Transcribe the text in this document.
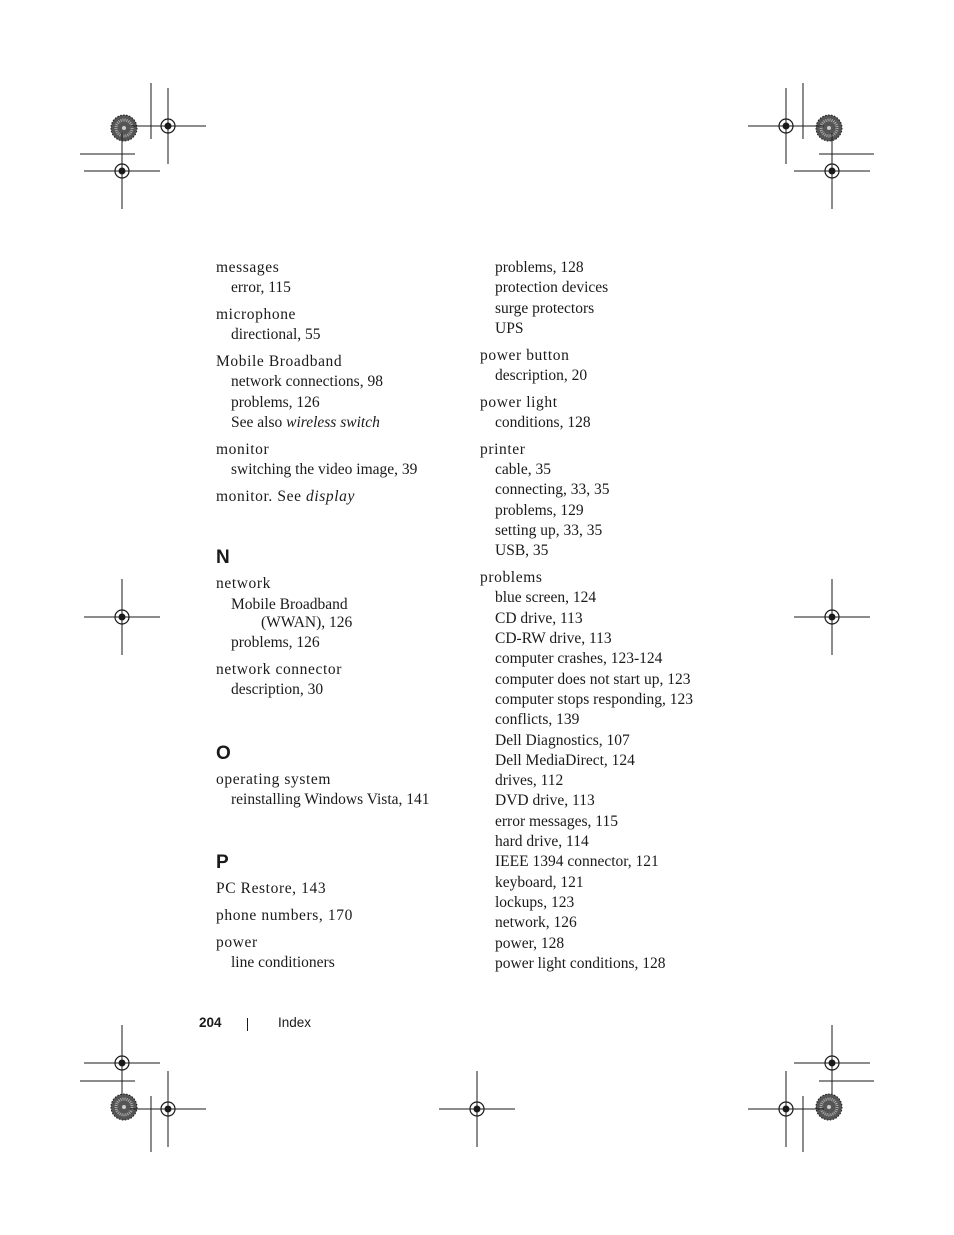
messages
error, 115
microphone
directional, 55
Mobile Broadband
network connections, 98
problems, 126
See also wireless switch
monitor
switching the video image, 39
monitor. See display
N
network
Mobile Broadband
(WWAN), 126
problems, 126
network connector
description, 30
O
operating system
reinstalling Windows Vista, 141
P
PC Restore, 143
phone numbers, 170
power
line conditioners
problems, 128
protection devices
surge protectors
UPS
power button
description, 20
power light
conditions, 128
printer
cable, 35
connecting, 33, 35
problems, 129
setting up, 33, 35
USB, 35
problems
blue screen, 124
CD drive, 113
CD-RW drive, 113
computer crashes, 123-124
computer does not start up, 123
computer stops responding, 123
conflicts, 139
Dell Diagnostics, 107
Dell MediaDirect, 124
drives, 112
DVD drive, 113
error messages, 115
hard drive, 114
IEEE 1394 connector, 121
keyboard, 121
lockups, 123
network, 126
power, 128
power light conditions, 128
204	Index
